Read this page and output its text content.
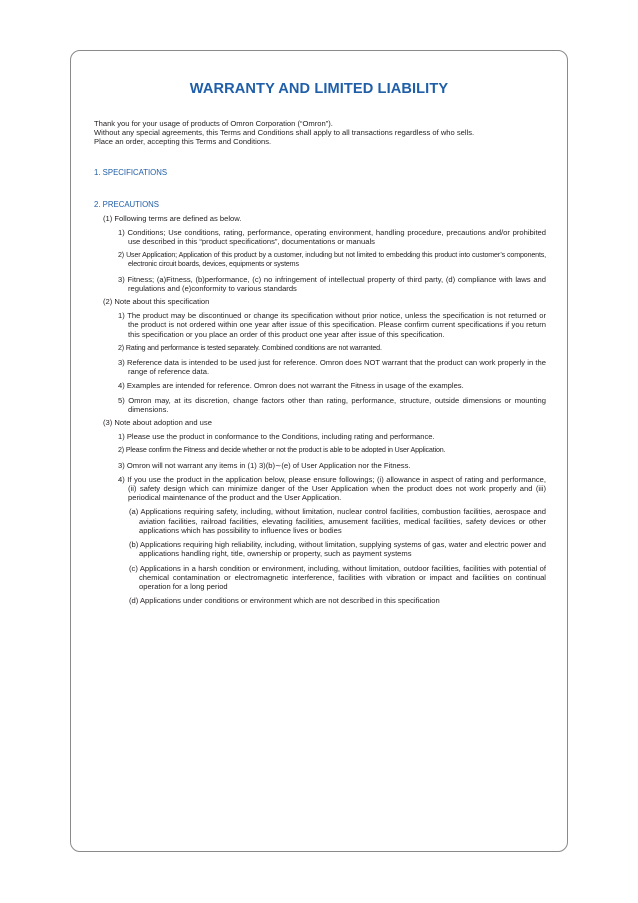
WARRANTY AND LIMITED LIABILITY

Thank you for your usage of products of Omron Corporation (“Omron”).

Without any special agreements, this Terms and Conditions shall apply to all transactions regardless of who sells.

Place an order, accepting this Terms and Conditions.

1. SPECIFICATIONS

2. PRECAUTIONS

(1) Following terms are defined as below.

1) Conditions; Use conditions, rating, performance, operating environment, handling procedure, precautions and/or prohibited use described in this “product specifications”, documentations or manuals

2) User Application; Application of this product by a customer, including but not limited to embedding this product into customer’s components, electronic circuit boards, devices, equipments or systems

3) Fitness; (a)Fitness, (b)performance, (c) no infringement of intellectual property of third party, (d) compliance with laws and regulations and (e)conformity to various standards

(2) Note about this specification

1) The product may be discontinued or change its specification without prior notice, unless the specification is not returned or the product is not ordered within one year after issue of this specification. Please confirm current specifications if you return this specification or you place an order of this product one year after issue of this specification.

2) Rating and performance is tested separately. Combined conditions are not warranted.

3) Reference data is intended to be used just for reference. Omron does NOT warrant that the product can work properly in the range of reference data.

4) Examples are intended for reference. Omron does not warrant the Fitness in usage of the examples.

5) Omron may, at its discretion, change factors other than rating, performance, structure, outside dimensions or mounting dimensions.

(3) Note about adoption and use

1) Please use the product in conformance to the Conditions, including rating and performance.

2) Please confirm the Fitness and decide whether or not the product is able to be adopted in User Application.

3) Omron will not warrant any items in (1) 3)(b)∼(e) of User Application nor the Fitness.

4) If you use the product in the application below, please ensure followings; (i) allowance in aspect of rating and performance, (ii) safety design which can minimize danger of the User Application when the product does not work properly and (iii) periodical maintenance of the product and the User Application.

(a) Applications requiring safety, including, without limitation, nuclear control facilities, combustion facilities, aerospace and aviation facilities, railroad facilities, elevating facilities, amusement facilities, medical facilities, safety devices or other applications which has possibility to influence lives or bodies

(b) Applications requiring high reliability, including, without limitation, supplying systems of gas, water and electric power and applications handling right, title, ownership or property, such as payment systems

(c) Applications in a harsh condition or environment, including, without limitation, outdoor facilities, facilities with potential of chemical contamination or electromagnetic interference, facilities with vibration or impact and facilities on continual operation for a long period

(d) Applications under conditions or environment which are not described in this specification
